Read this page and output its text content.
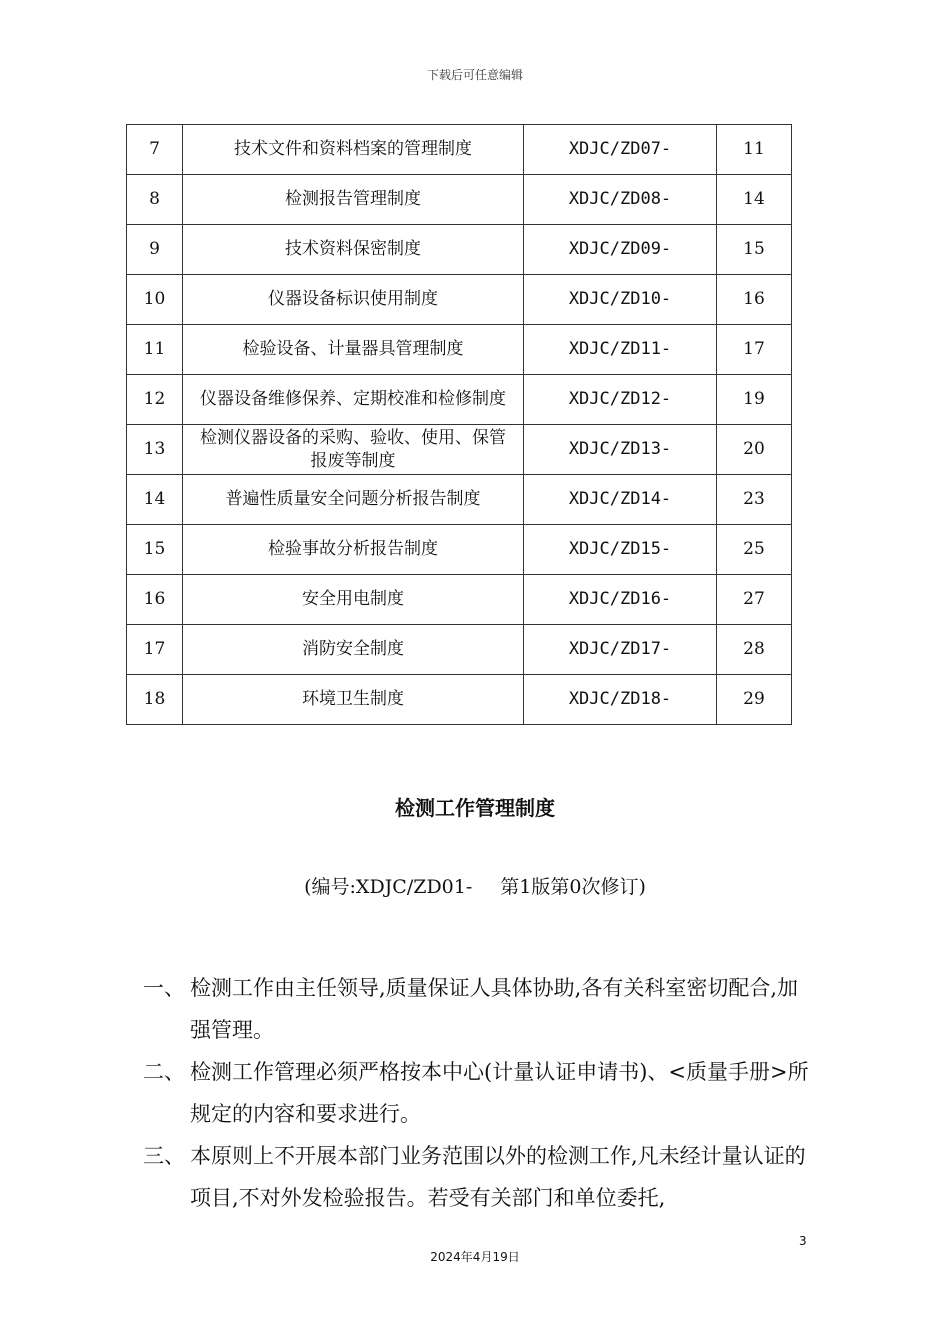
下载后可任意编辑
7	技术文件和资料档案的管理制度	XDJC/ZD07-	11
8	检测报告管理制度	XDJC/ZD08-	14
9	技术资料保密制度	XDJC/ZD09-	15
10	仪器设备标识使用制度	XDJC/ZD10-	16
11	检验设备、计量器具管理制度	XDJC/ZD11-	17
12	仪器设备维修保养、定期校准和检修制度	XDJC/ZD12-	19
13	检测仪器设备的采购、验收、使用、保管报废等制度	XDJC/ZD13-	20
14	普遍性质量安全问题分析报告制度	XDJC/ZD14-	23
15	检验事故分析报告制度	XDJC/ZD15-	25
16	安全用电制度	XDJC/ZD16-	27
17	消防安全制度	XDJC/ZD17-	28
18	环境卫生制度	XDJC/ZD18-	29
检测工作管理制度
(编号:XDJC/ZD01- 第1版第0次修订)
一、 检测工作由主任领导,质量保证人具体协助,各有关科室密切配合,加强管理。
二、 检测工作管理必须严格按本中心(计量认证申请书)、<质量手册>所规定的内容和要求进行。
三、 本原则上不开展本部门业务范围以外的检测工作,凡未经计量认证的项目,不对外发检验报告。若受有关部门和单位委托,
3
2024年4月19日
